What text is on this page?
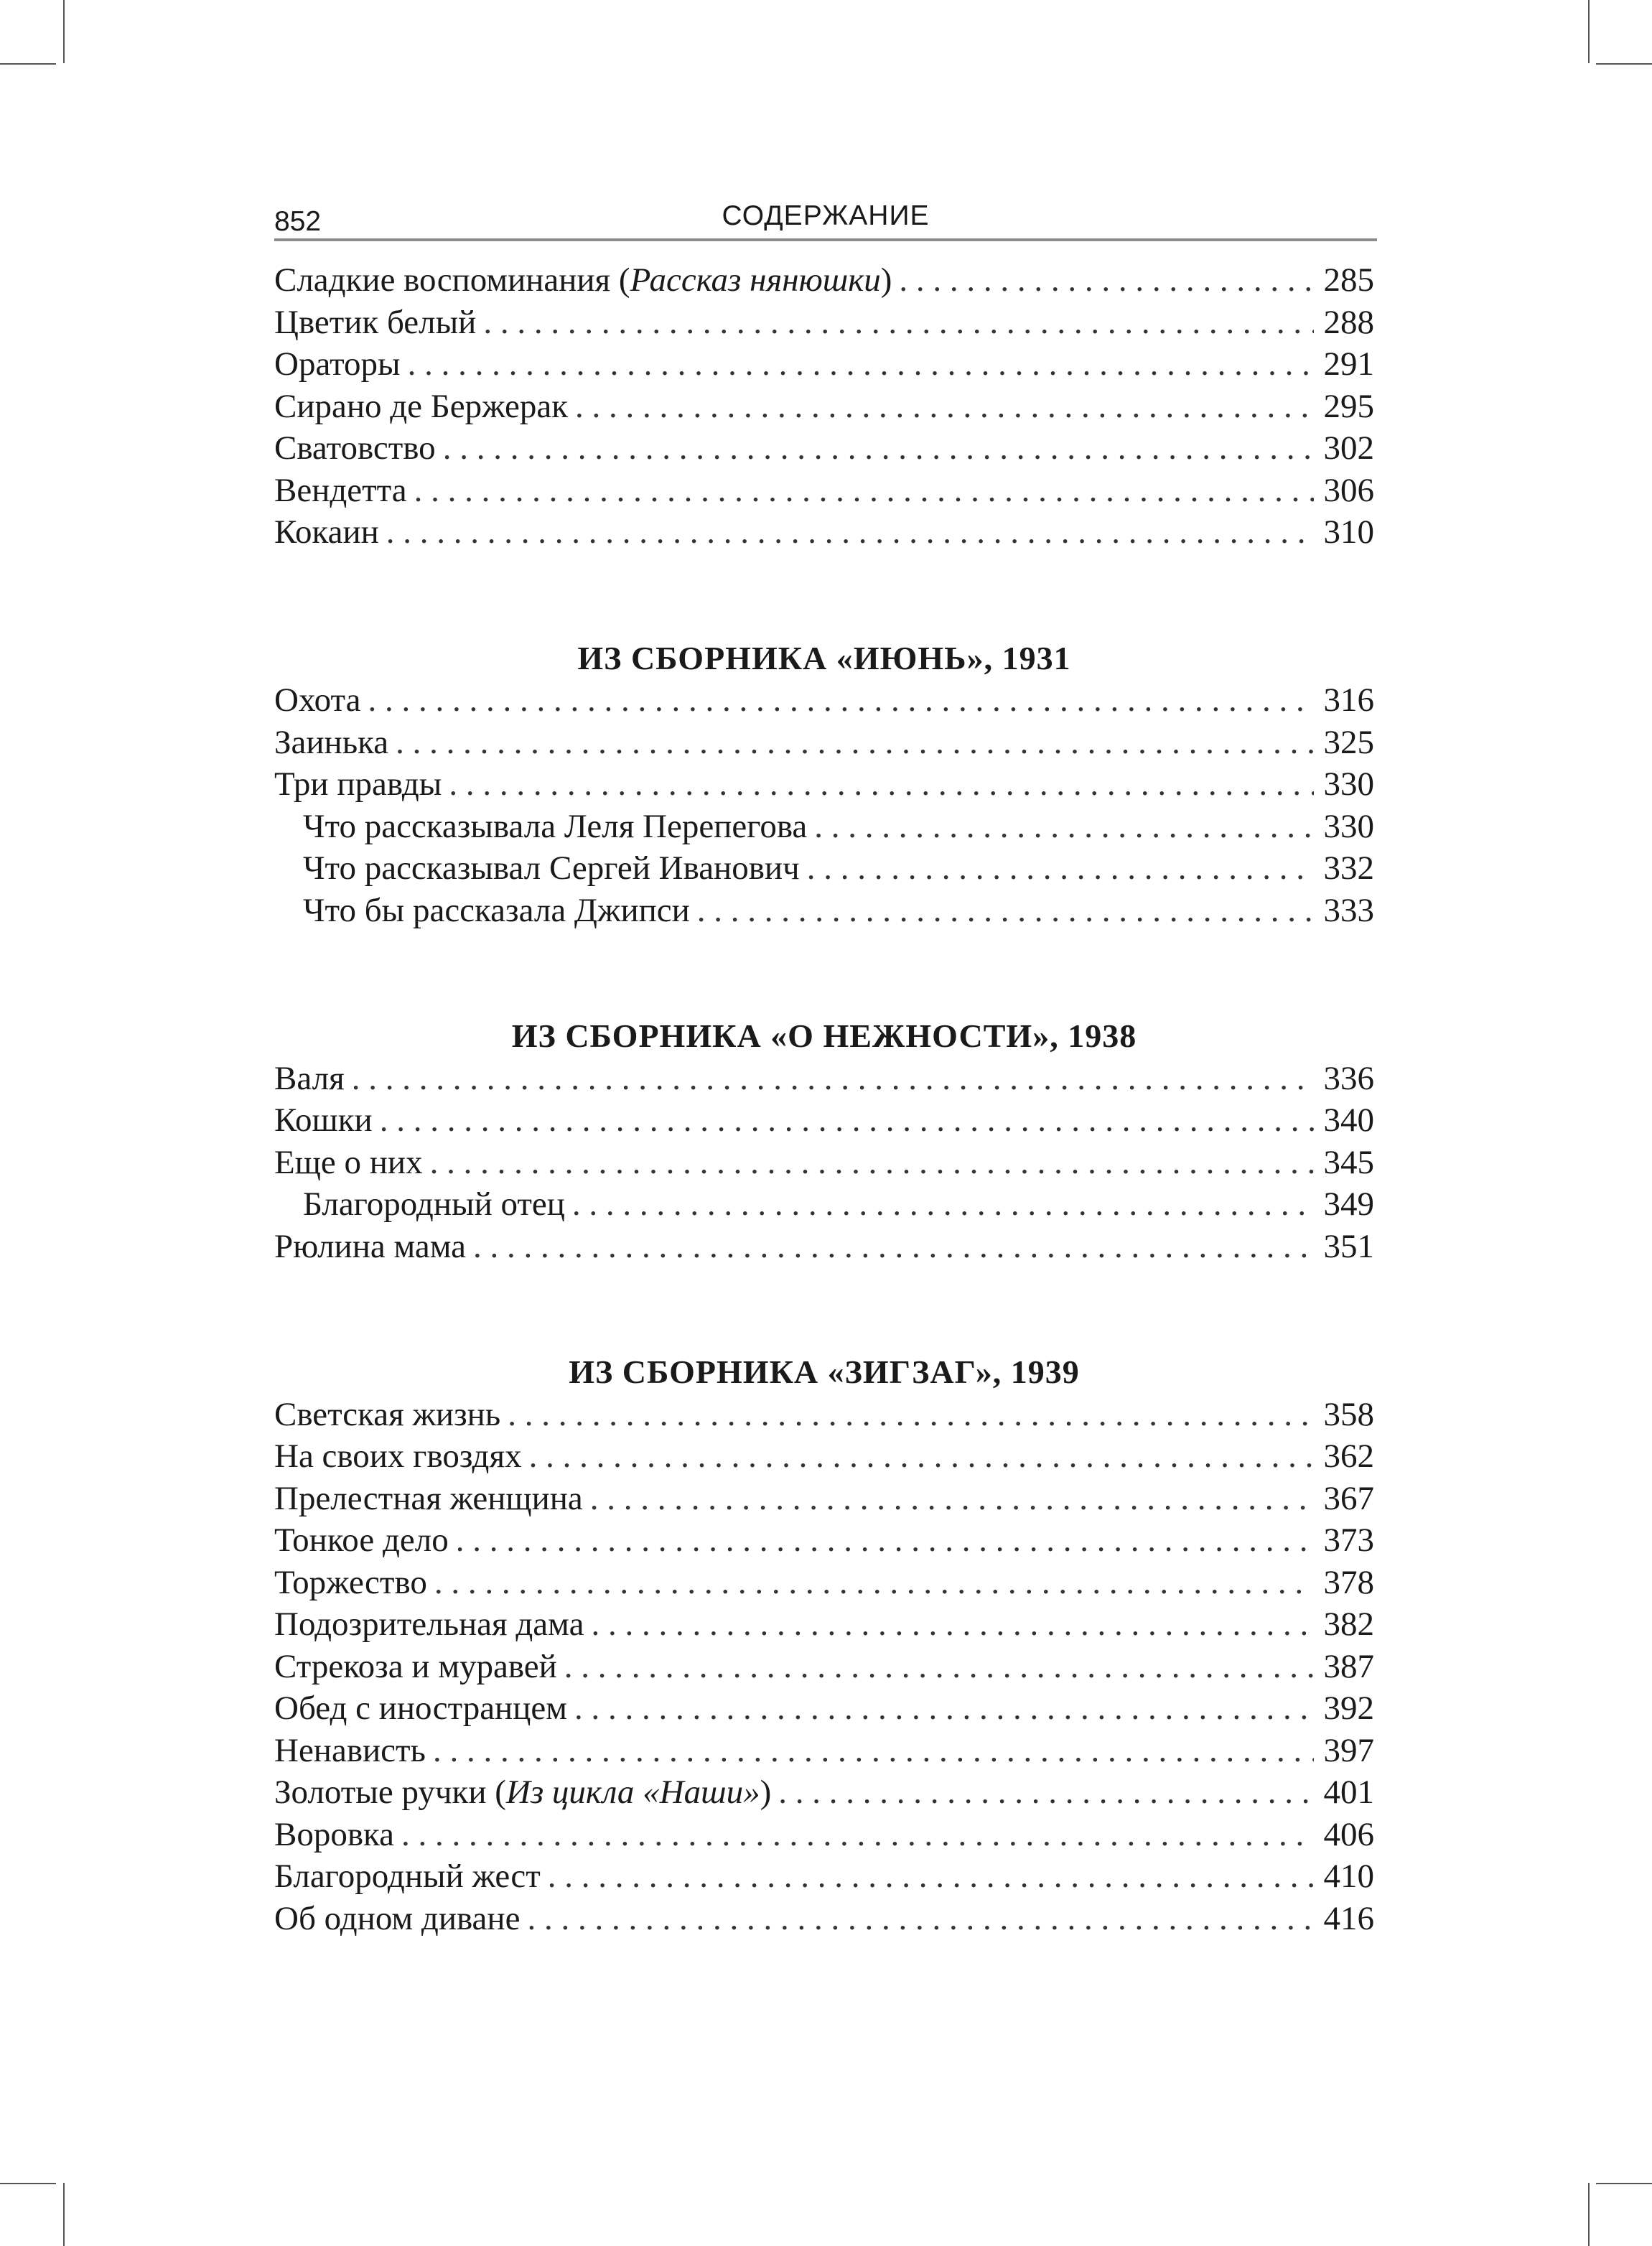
852	СОДЕРЖАНИЕ
Сладкие воспоминания (Рассказ нянюшки) . . .	285
Цветик белый . . .	288
Ораторы . . .	291
Сирано де Бержерак . . .	295
Сватовство . . .	302
Вендетта . . .	306
Кокаин . . .	310
ИЗ СБОРНИКА «ИЮНЬ», 1931
Охота . . .	316
Заинька . . .	325
Три правды . . .	330
Что рассказывала Леля Перепегова . . .	330
Что рассказывал Сергей Иванович . . .	332
Что бы рассказала Джипси . . .	333
ИЗ СБОРНИКА «О НЕЖНОСТИ», 1938
Валя . . .	336
Кошки . . .	340
Еще о них . . .	345
Благородный отец . . .	349
Рюлина мама . . .	351
ИЗ СБОРНИКА «ЗИГЗАГ», 1939
Светская жизнь . . .	358
На своих гвоздях . . .	362
Прелестная женщина . . .	367
Тонкое дело . . .	373
Торжество . . .	378
Подозрительная дама . . .	382
Стрекоза и муравей . . .	387
Обед с иностранцем . . .	392
Ненависть . . .	397
Золотые ручки (Из цикла «Наши») . . .	401
Воровка . . .	406
Благородный жест . . .	410
Об одном диване . . .	416
